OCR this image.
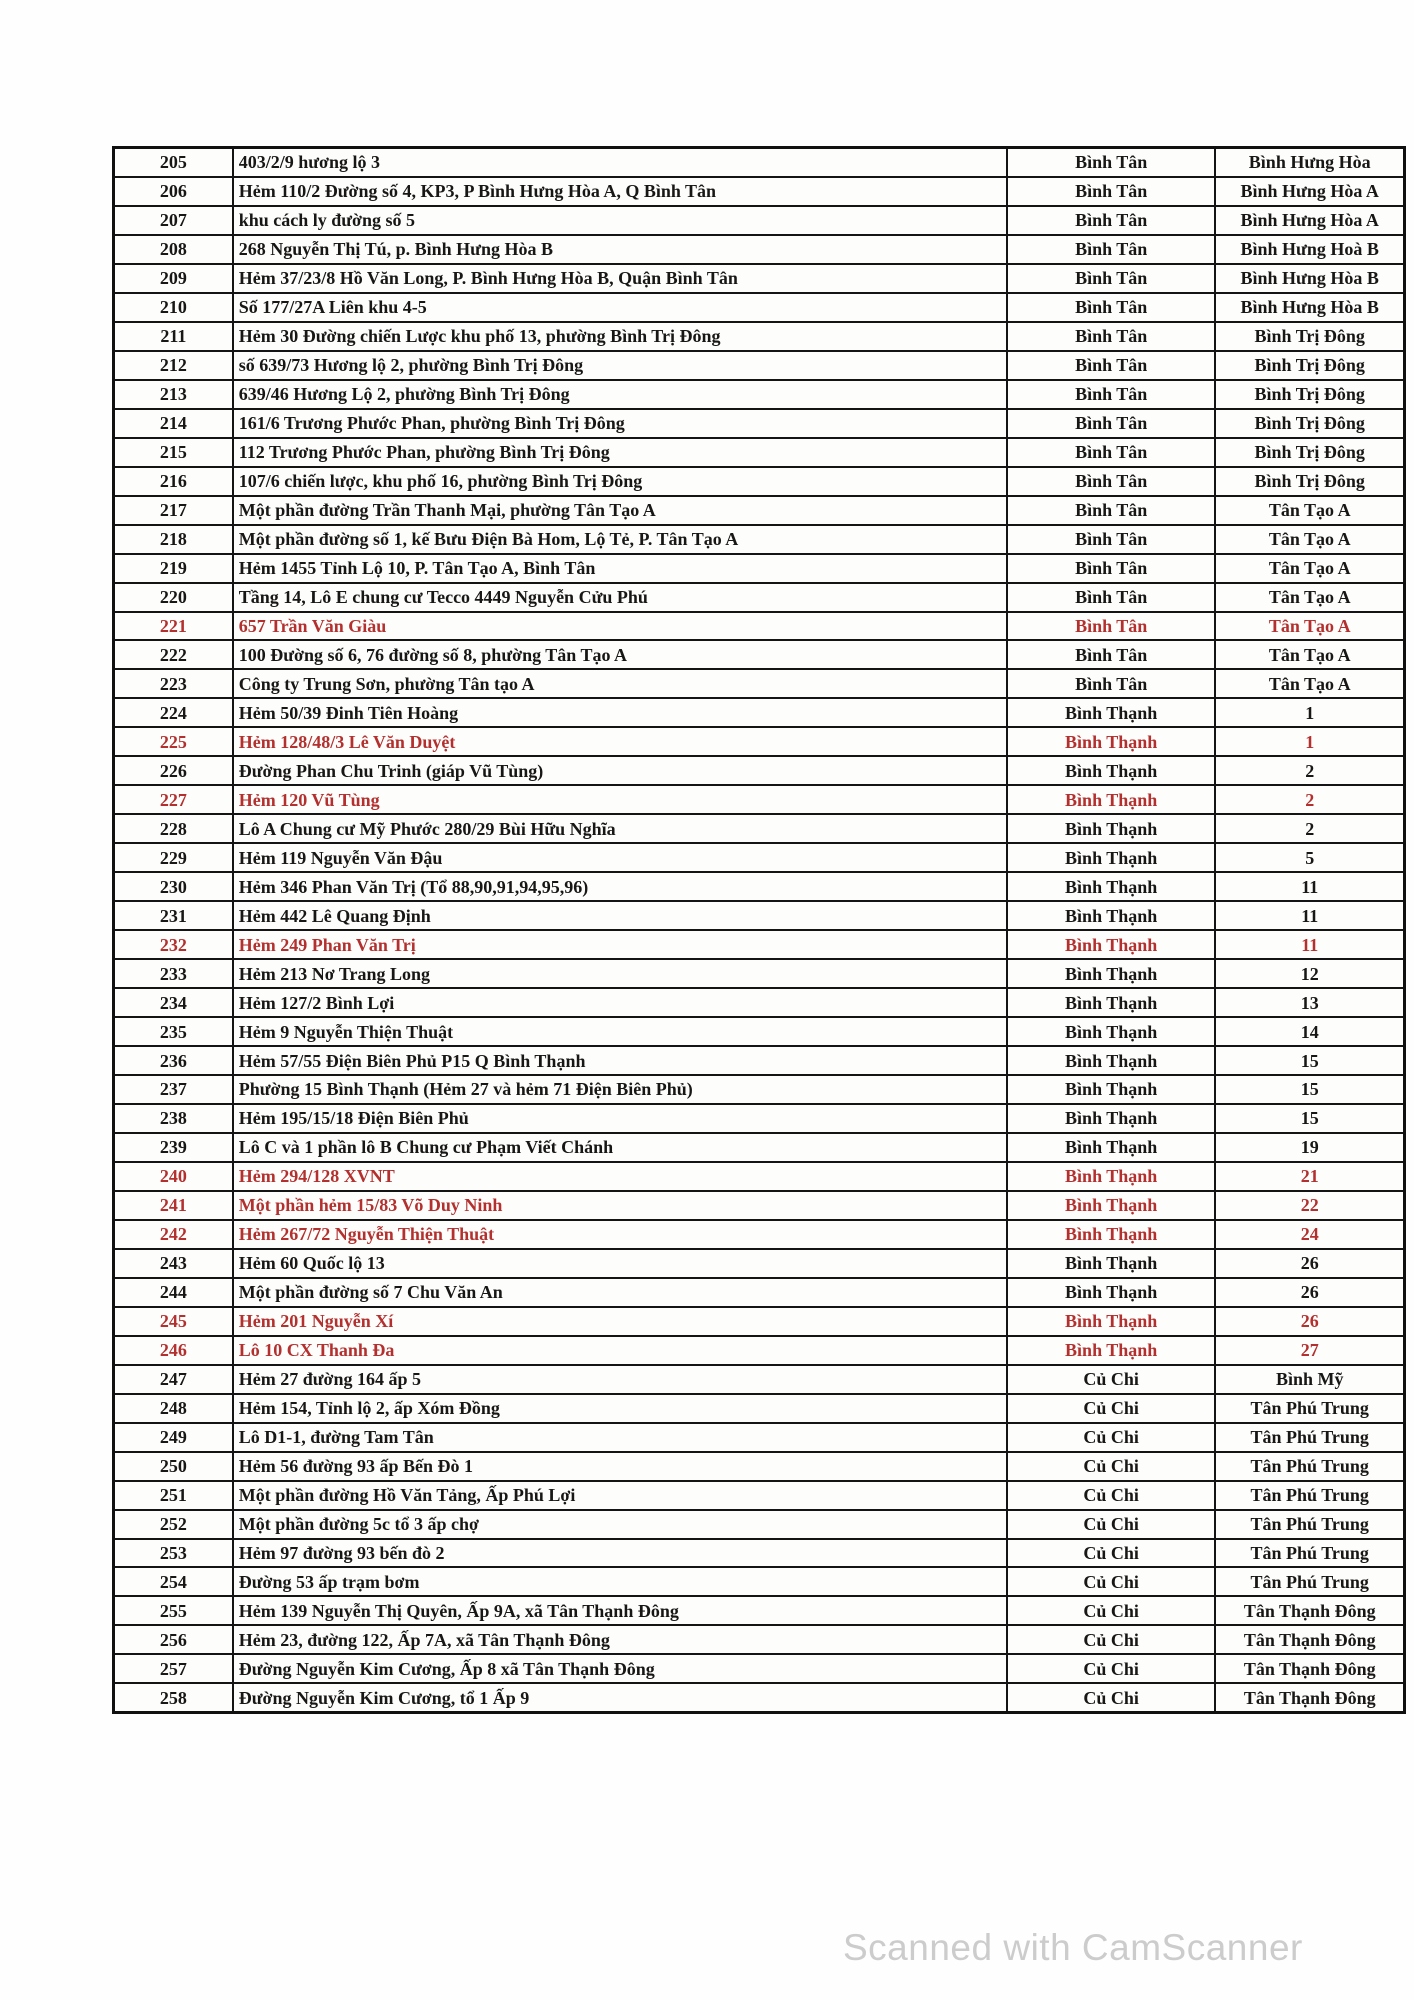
205	403/2/9 hương lộ 3	Bình Tân	Bình Hưng Hòa
206	Hẻm 110/2 Đường số 4, KP3, P Bình Hưng Hòa A, Q Bình Tân	Bình Tân	Bình Hưng Hòa A
207	khu cách ly đường số 5	Bình Tân	Bình Hưng Hòa A
208	268 Nguyễn Thị Tú, p. Bình Hưng Hòa B	Bình Tân	Bình Hưng Hoà B
209	Hẻm 37/23/8 Hồ Văn Long, P. Bình Hưng Hòa B, Quận Bình Tân	Bình Tân	Bình Hưng Hòa B
210	Số 177/27A Liên khu 4-5	Bình Tân	Bình Hưng Hòa B
211	Hẻm 30 Đường chiến Lược khu phố 13, phường Bình Trị Đông	Bình Tân	Bình Trị Đông
212	số 639/73 Hương lộ 2, phường Bình Trị Đông	Bình Tân	Bình Trị Đông
213	639/46 Hương Lộ 2, phường Bình Trị Đông	Bình Tân	Bình Trị Đông
214	161/6 Trương Phước Phan, phường Bình Trị Đông	Bình Tân	Bình Trị Đông
215	112 Trương Phước Phan, phường Bình Trị Đông	Bình Tân	Bình Trị Đông
216	107/6 chiến lược, khu phố 16, phường Bình Trị Đông	Bình Tân	Bình Trị Đông
217	Một phần đường Trần Thanh Mại, phường Tân Tạo A	Bình Tân	Tân Tạo A
218	Một phần đường số 1, kế Bưu Điện Bà Hom, Lộ Tẻ, P. Tân Tạo A	Bình Tân	Tân Tạo A
219	Hẻm 1455 Tỉnh Lộ 10, P. Tân Tạo A, Bình Tân	Bình Tân	Tân Tạo A
220	Tầng 14, Lô E chung cư Tecco 4449 Nguyễn Cửu Phú	Bình Tân	Tân Tạo A
221	657 Trần Văn Giàu	Bình Tân	Tân Tạo A
222	100 Đường số 6, 76 đường số 8, phường Tân Tạo A	Bình Tân	Tân Tạo A
223	Công ty Trung Sơn, phường Tân tạo A	Bình Tân	Tân Tạo A
224	Hẻm 50/39 Đinh Tiên Hoàng	Bình Thạnh	1
225	Hẻm 128/48/3 Lê Văn Duyệt	Bình Thạnh	1
226	Đường Phan Chu Trinh (giáp Vũ Tùng)	Bình Thạnh	2
227	Hẻm 120 Vũ Tùng	Bình Thạnh	2
228	Lô A Chung cư Mỹ Phước 280/29 Bùi Hữu Nghĩa	Bình Thạnh	2
229	Hẻm 119 Nguyễn Văn Đậu	Bình Thạnh	5
230	Hẻm 346 Phan Văn Trị (Tổ 88,90,91,94,95,96)	Bình Thạnh	11
231	Hẻm 442 Lê Quang Định	Bình Thạnh	11
232	Hẻm 249 Phan Văn Trị	Bình Thạnh	11
233	Hẻm 213 Nơ Trang Long	Bình Thạnh	12
234	Hẻm 127/2 Bình Lợi	Bình Thạnh	13
235	Hẻm 9 Nguyễn Thiện Thuật	Bình Thạnh	14
236	Hẻm 57/55 Điện Biên Phủ P15 Q Bình Thạnh	Bình Thạnh	15
237	Phường 15 Bình Thạnh (Hẻm 27 và hẻm 71 Điện Biên Phủ)	Bình Thạnh	15
238	Hẻm 195/15/18 Điện Biên Phủ	Bình Thạnh	15
239	Lô C và 1 phần lô B Chung cư Phạm Viết Chánh	Bình Thạnh	19
240	Hẻm 294/128 XVNT	Bình Thạnh	21
241	Một phần hẻm 15/83 Võ Duy Ninh	Bình Thạnh	22
242	Hẻm 267/72 Nguyễn Thiện Thuật	Bình Thạnh	24
243	Hẻm 60 Quốc lộ 13	Bình Thạnh	26
244	Một phần đường số 7 Chu Văn An	Bình Thạnh	26
245	Hẻm 201 Nguyễn Xí	Bình Thạnh	26
246	Lô 10 CX Thanh Đa	Bình Thạnh	27
247	Hẻm 27 đường 164 ấp 5	Củ Chi	Bình Mỹ
248	Hẻm 154, Tỉnh lộ 2, ấp Xóm Đồng	Củ Chi	Tân Phú Trung
249	Lô D1-1, đường Tam Tân	Củ Chi	Tân Phú Trung
250	Hẻm 56 đường 93 ấp Bến Đò 1	Củ Chi	Tân Phú Trung
251	Một phần đường Hồ Văn Tảng, Ấp Phú Lợi	Củ Chi	Tân Phú Trung
252	Một phần đường 5c tổ 3 ấp chợ	Củ Chi	Tân Phú Trung
253	Hẻm 97 đường 93 bến đò 2	Củ Chi	Tân Phú Trung
254	Đường 53 ấp trạm bơm	Củ Chi	Tân Phú Trung
255	Hẻm 139 Nguyễn Thị Quyên, Ấp 9A, xã Tân Thạnh Đông	Củ Chi	Tân Thạnh Đông
256	Hẻm 23, đường 122, Ấp 7A, xã Tân Thạnh Đông	Củ Chi	Tân Thạnh Đông
257	Đường Nguyễn Kim Cương, Ấp 8 xã Tân Thạnh Đông	Củ Chi	Tân Thạnh Đông
258	Đường Nguyễn Kim Cương, tổ 1 Ấp 9	Củ Chi	Tân Thạnh Đông
Scanned with CamScanner
